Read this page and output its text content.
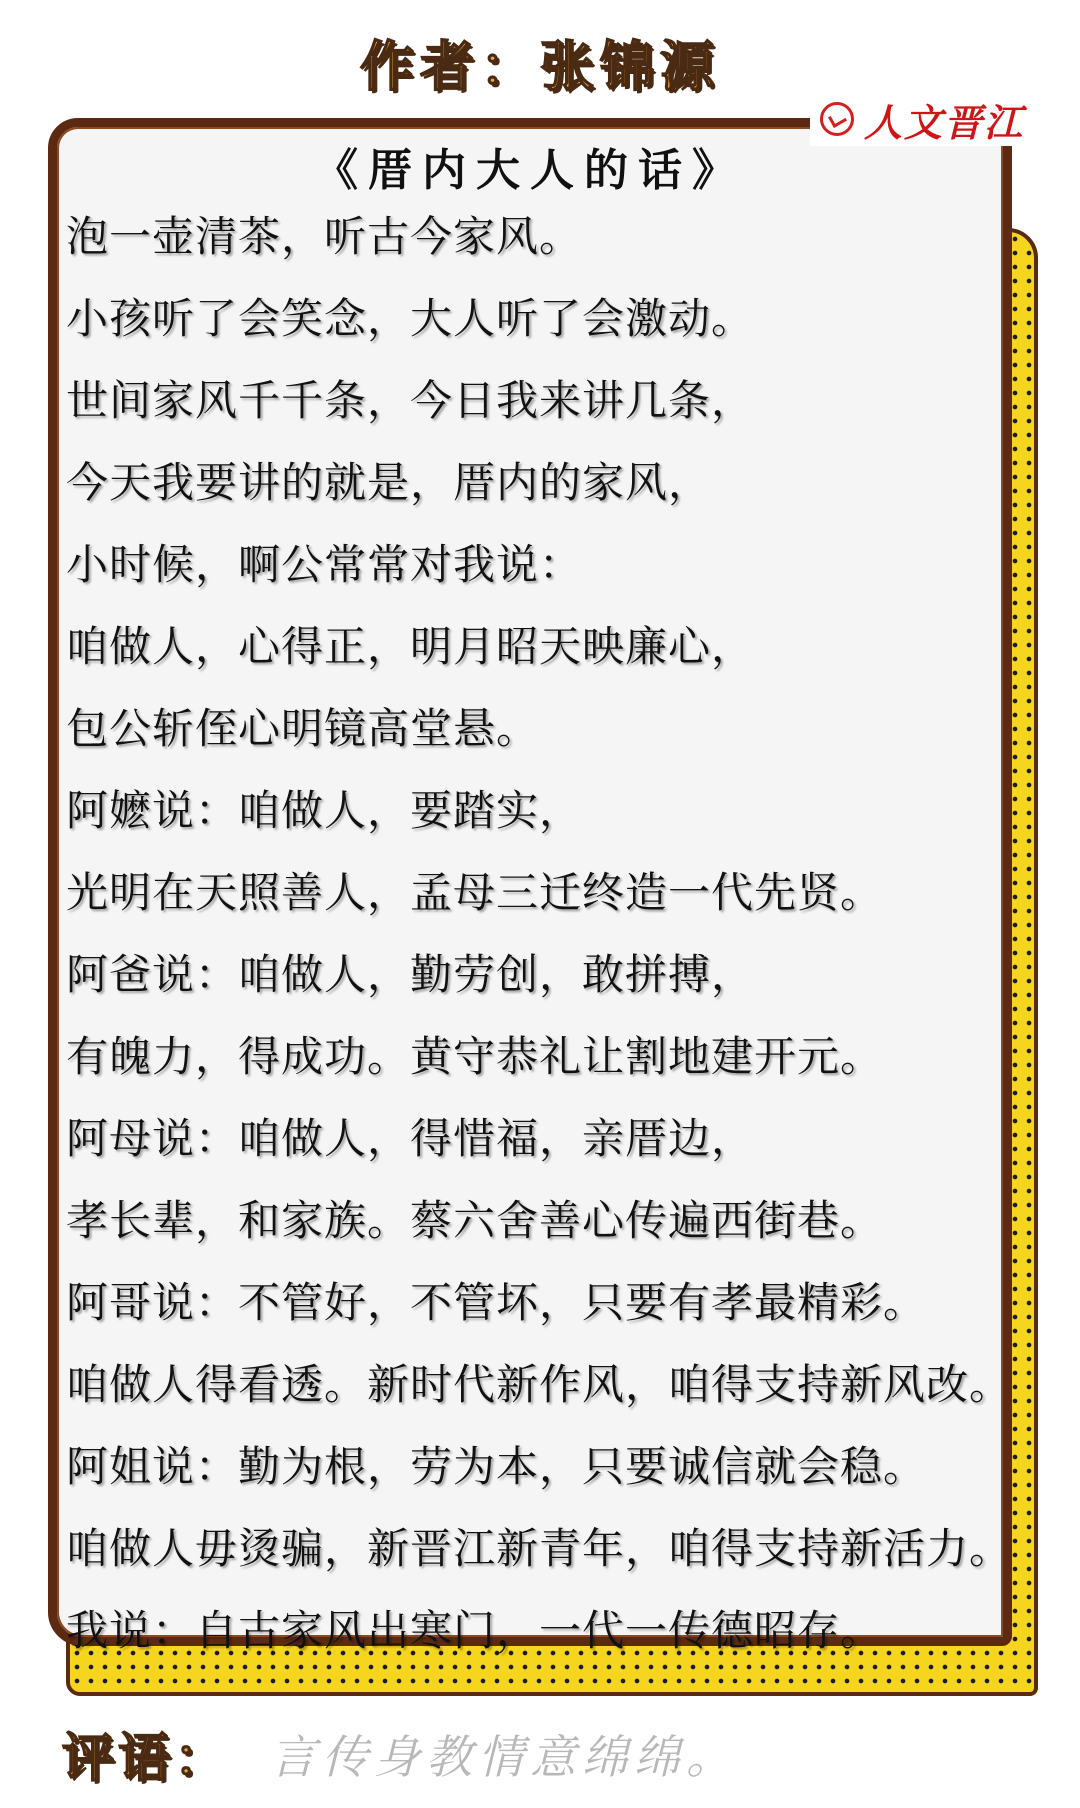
作者：张锦源
人文晋江
《厝内大人的话》
泡一壶清茶，听古今家风。
小孩听了会笑念，大人听了会激动。
世间家风千千条，今日我来讲几条，
今天我要讲的就是，厝内的家风，
小时候，啊公常常对我说：
咱做人，心得正，明月昭天映廉心，
包公斩侄心明镜高堂悬。
阿嬷说：咱做人，要踏实，
光明在天照善人，孟母三迁终造一代先贤。
阿爸说：咱做人，勤劳创，敢拼搏，
有魄力，得成功。黄守恭礼让割地建开元。
阿母说：咱做人，得惜福，亲厝边，
孝长辈，和家族。蔡六舍善心传遍西街巷。
阿哥说：不管好，不管坏，只要有孝最精彩。
咱做人得看透。新时代新作风，咱得支持新风改。
阿姐说：勤为根，劳为本，只要诚信就会稳。
咱做人毋烫骗，新晋江新青年，咱得支持新活力。
我说：自古家风出寒门，一代一传德昭存。
评语： 言传身教情意绵绵。
